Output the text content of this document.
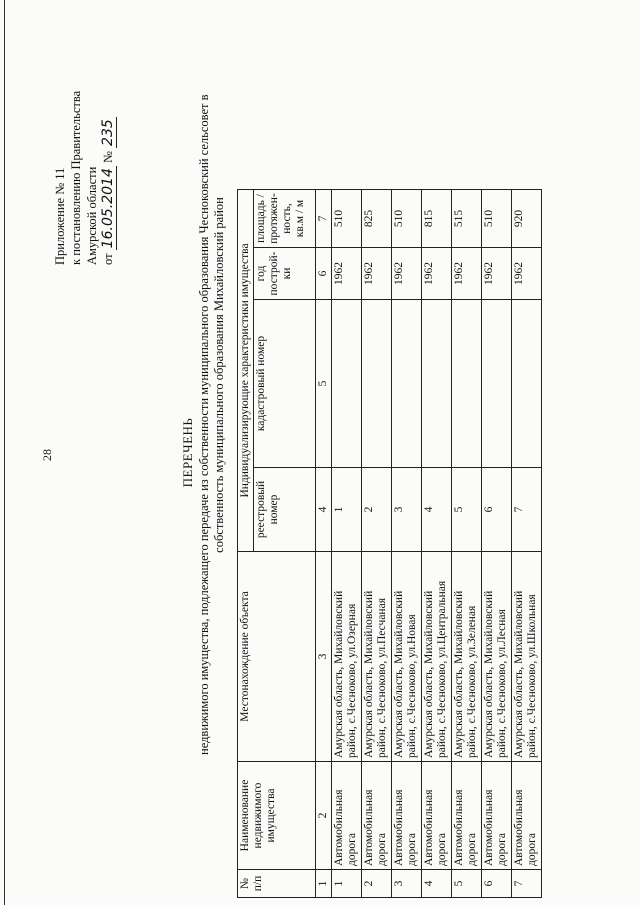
28
Приложение № 11 к постановлению Правительства Амурской области от 16.05.2014 № 235
ПЕРЕЧЕНЬ недвижимого имущества, подлежащего передаче из собственности муниципального образования Чесноковский сельсовет в собственность муниципального образования Михайловский район
№ п/п	Наименование недвижимого имущества	Местонахождение объекта	Индивидуализирующие характеристики имущества			
			реестровый номер	кадастровый номер	год построй-ки	площадь / протяжен-ность, кв.м / м
1	2	3	4	5	6	7
1	Автомобильная дорога	Амурская область, Михайловский район, с.Чесноково, ул.Озерная	1		1962	510
2	Автомобильная дорога	Амурская область, Михайловский район, с.Чесноково, ул.Песчаная	2		1962	825
3	Автомобильная дорога	Амурская область, Михайловский район, с.Чесноково, ул.Новая	3		1962	510
4	Автомобильная дорога	Амурская область, Михайловский район, с.Чесноково, ул.Центральная	4		1962	815
5	Автомобильная дорога	Амурская область, Михайловский район, с.Чесноково, ул.Зеленая	5		1962	515
6	Автомобильная дорога	Амурская область, Михайловский район, с.Чесноково, ул.Лесная	6		1962	510
7	Автомобильная дорога	Амурская область, Михайловский район, с.Чесноково, ул.Школьная	7		1962	920
